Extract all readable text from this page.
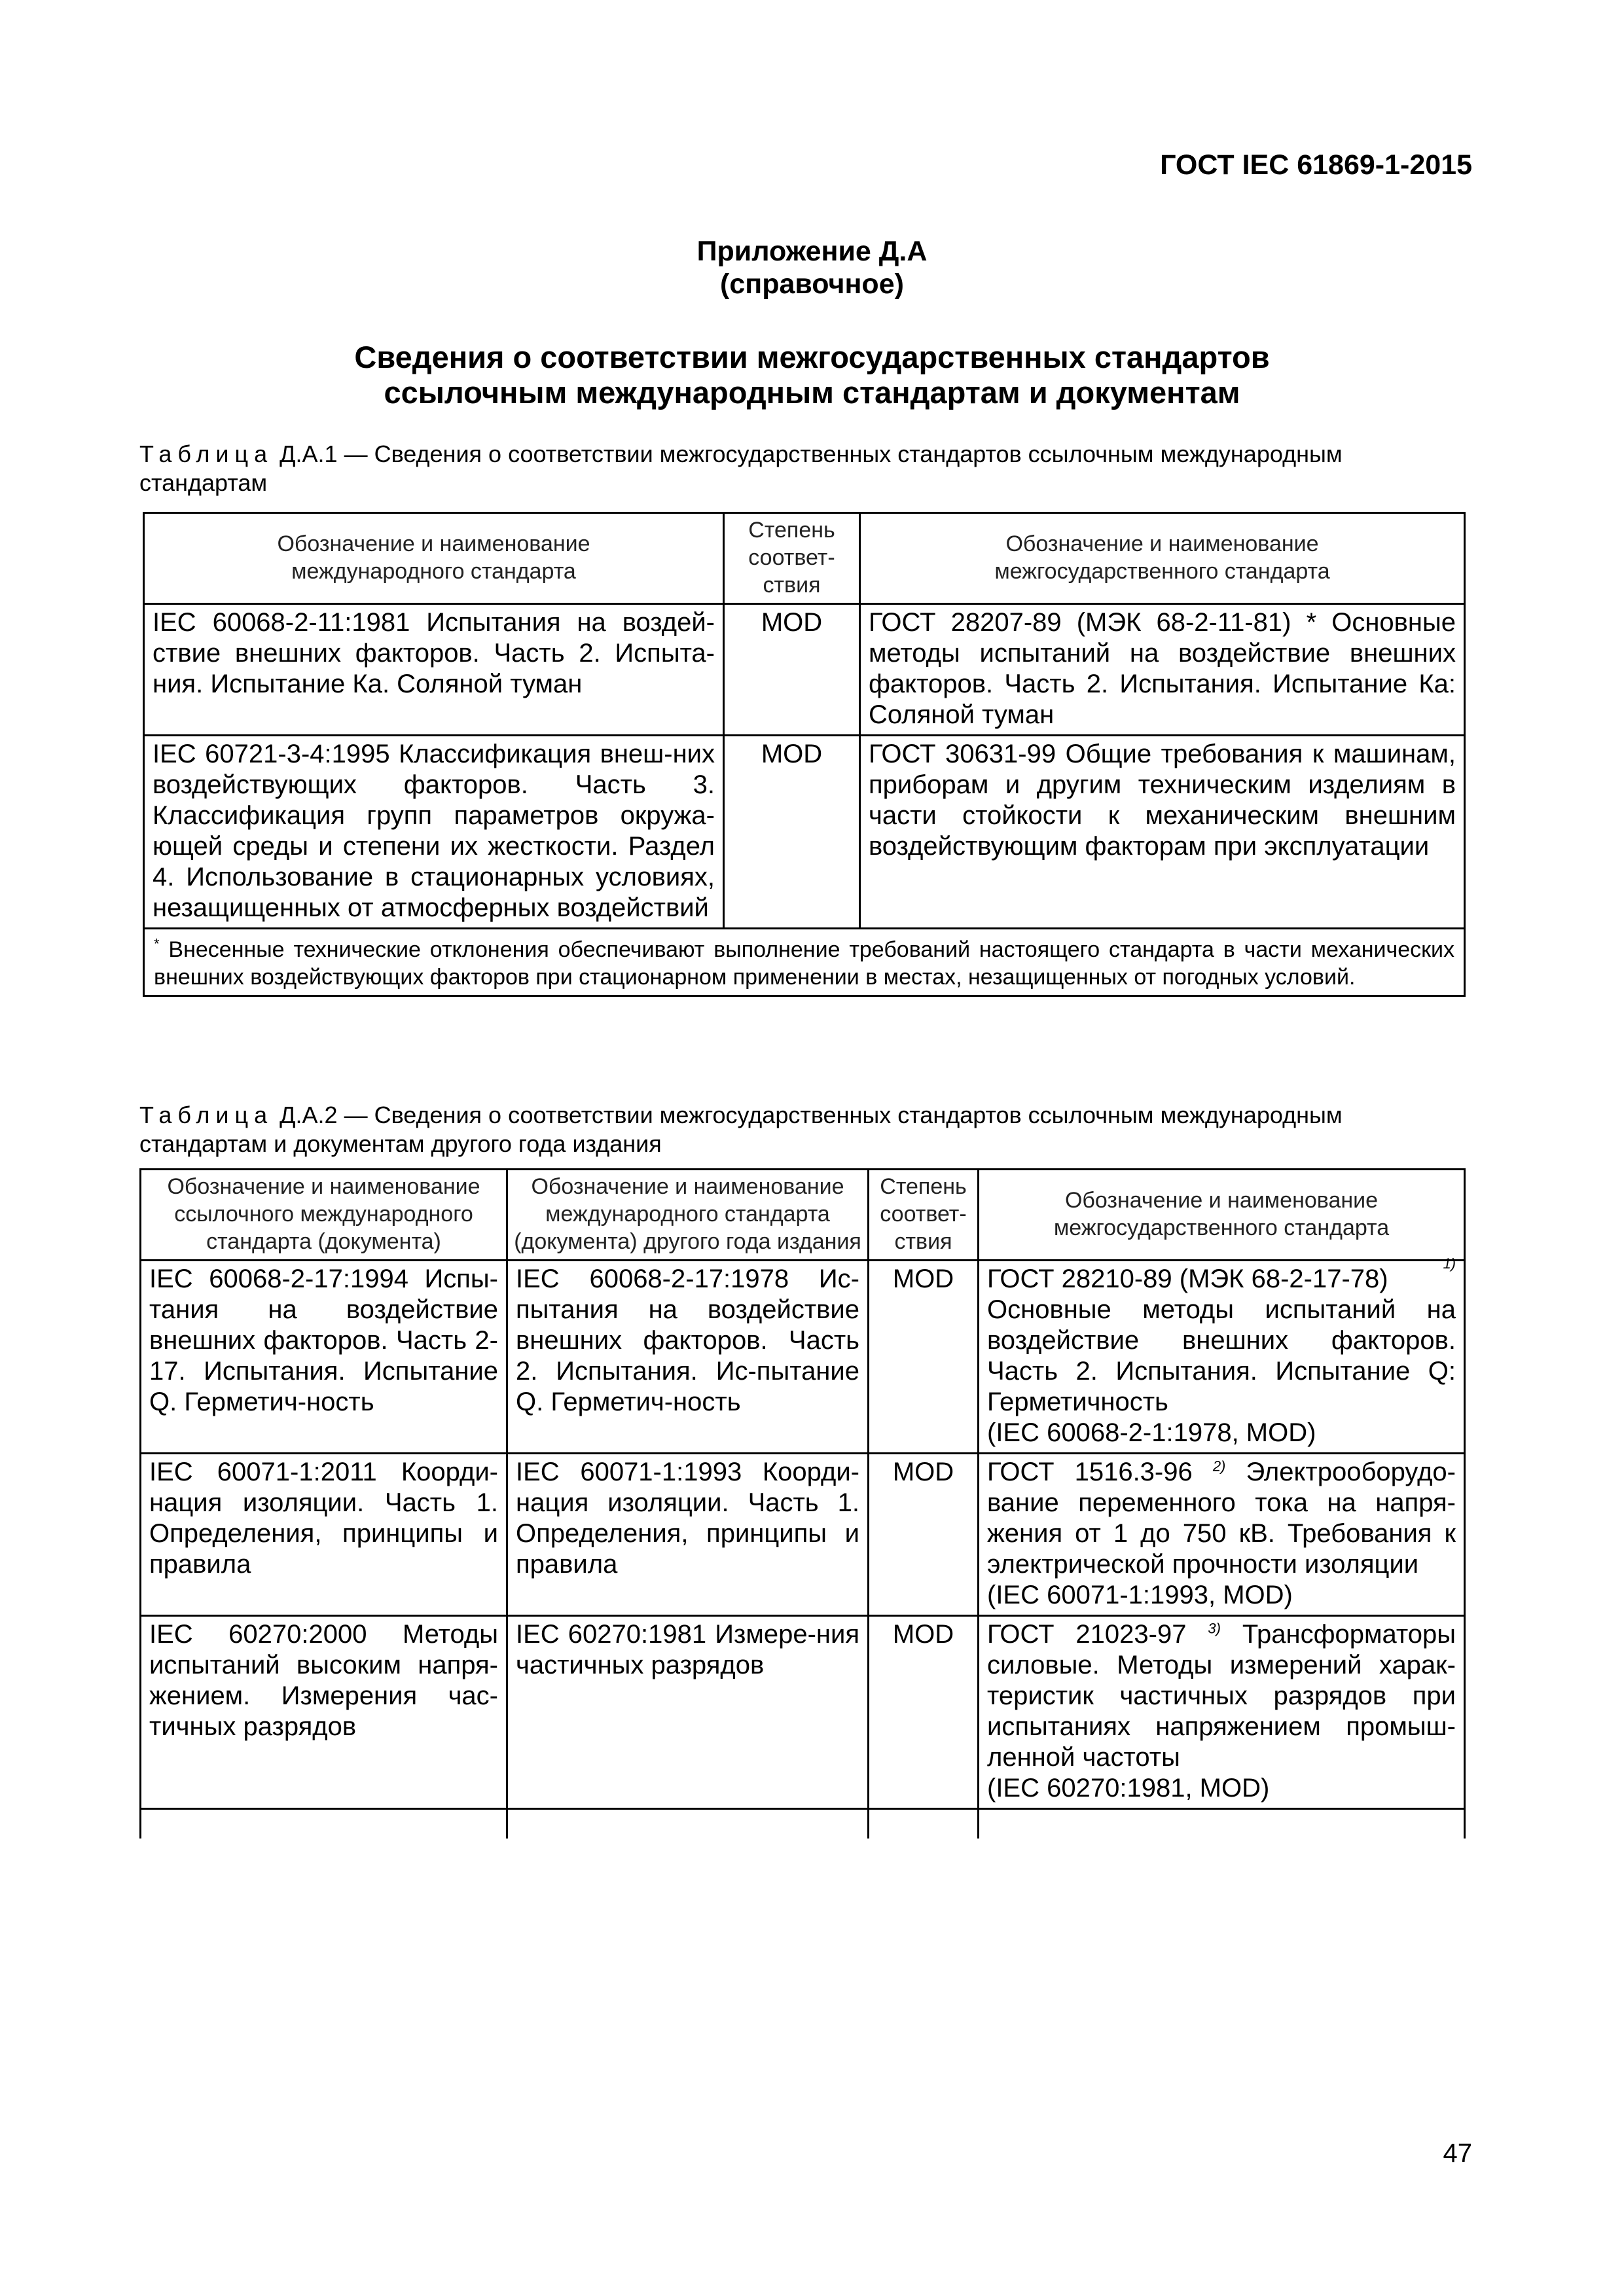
ГОСТ IEC 61869-1-2015
Приложение Д.А
(справочное)
Сведения о соответствии межгосударственных стандартов
ссылочным международным стандартам и документам
Таблица Д.А.1 — Сведения о соответствии межгосударственных стандартов ссылочным международным
стандартам
Обозначение и наименование международного стандарта	Степень соответ-ствия	Обозначение и наименование межгосударственного стандарта
IEC 60068-2-11:1981 Испытания на воздей-ствие внешних факторов. Часть 2. Испыта-ния. Испытание Ка. Соляной туман	MOD	ГОСТ 28207-89 (МЭК 68-2-11-81) * Основные методы испытаний на воздействие внешних факторов. Часть 2. Испытания. Испытание Ка: Соляной туман
IEC 60721-3-4:1995 Классификация внеш-них воздействующих факторов. Часть 3. Классификация групп параметров окружа-ющей среды и степени их жесткости. Раздел 4. Использование в стационарных условиях, незащищенных от атмосферных воздействий	MOD	ГОСТ 30631-99 Общие требования к машинам, приборам и другим техническим изделиям в части стойкости к механическим внешним воздействующим факторам при эксплуатации
* Внесенные технические отклонения обеспечивают выполнение требований настоящего стандарта в части механических внешних воздействующих факторов при стационарном применении в местах, незащищенных от погодных условий.		
Таблица Д.А.2 — Сведения о соответствии межгосударственных стандартов ссылочным международным
стандартам и документам другого года издания
Обозначение и наименование ссылочного международного стандарта (документа)	Обозначение и наименование международного стандарта (документа) другого года издания	Степень соответ-ствия	Обозначение и наименование межгосударственного стандарта
IEC 60068-2-17:1994 Испы-тания на воздействие внешних факторов. Часть 2-17. Испытания. Испытание Q. Герметич-ность	IEC 60068-2-17:1978 Ис-пытания на воздействие внешних факторов. Часть 2. Испытания. Ис-пытание Q. Герметич-ность	MOD	ГОСТ 28210-89 (МЭК 68-2-17-78)
1)

Основные методы испытаний на воздействие внешних факторов. Часть 2. Испытания. Испытание Q: Герметичность
(IEC 60068-2-1:1978, MOD)
IEC 60071-1:2011 Коорди-нация изоляции. Часть 1. Определения, принципы и правила	IEC 60071-1:1993 Коорди-нация изоляции. Часть 1. Определения, принципы и правила	MOD	ГОСТ 1516.3-96 $^{2)}$ Электрооборудо-вание переменного тока на напря-жения от 1 до 750 кВ. Требования к электрической прочности изоляции
(IEC 60071-1:1993, MOD)
IEC 60270:2000 Методы испытаний высоким напря-жением. Измерения час-тичных разрядов	IEC 60270:1981 Измере-ния частичных разрядов	MOD	ГОСТ 21023-97 $^{3)}$ Трансформаторы силовые. Методы измерений харак-теристик частичных разрядов при испытаниях напряжением промыш-ленной частоты
(IEC 60270:1981, MOD)

47
